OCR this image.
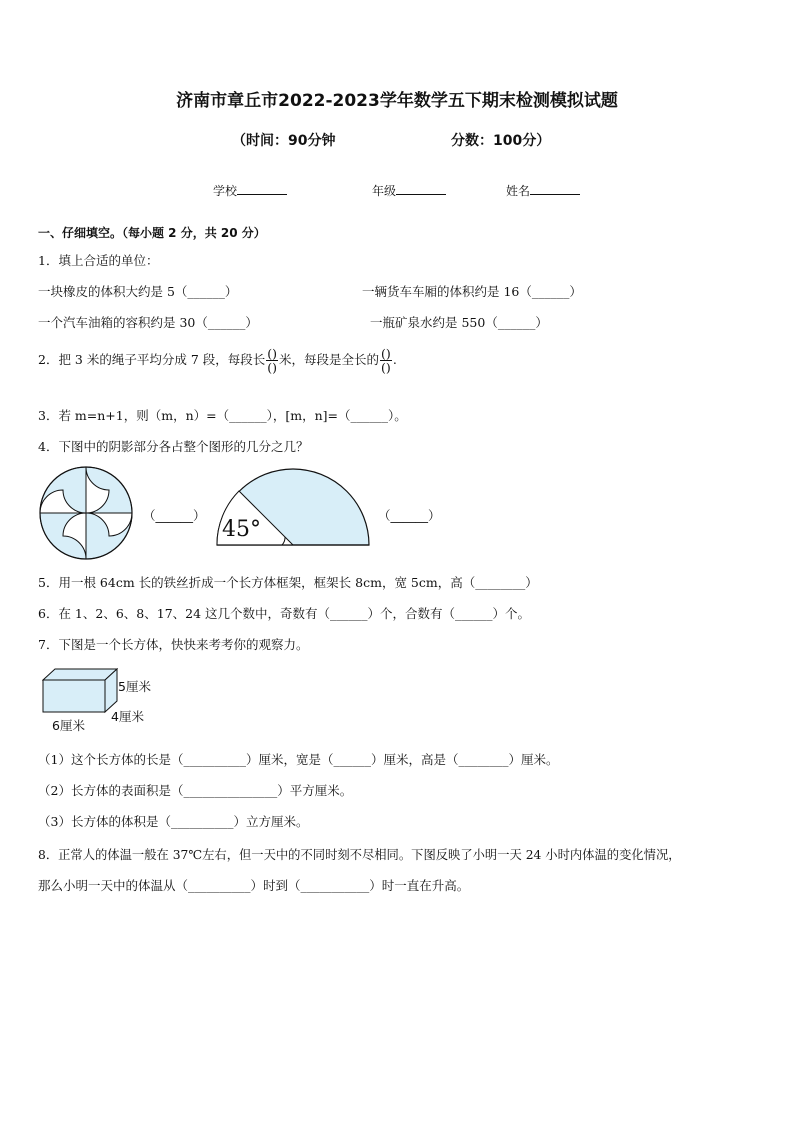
济南市章丘市2022-2023学年数学五下期末检测模拟试题
（时间：90分钟	分数：100分）
学校	年级	姓名
一、仔细填空。（每小题 2 分，共 20 分）
1．填上合适的单位：
一块橡皮的体积大约是 5（______）	一辆货车车厢的体积约是 16（______）
一个汽车油箱的容积约是 30（______）	一瓶矿泉水约是 550（______）
2．把 3 米的绳子平均分成 7 段，每段长 $\frac{()}{()}$ 米，每段是全长的 $\frac{()}{()}$ .
3．若 m=n+1，则（m，n）=（______），[m，n]=（______）。
4．下图中的阴影部分各占整个图形的几分之几？
（______）
45°
（______）
5．用一根 64cm 长的铁丝折成一个长方体框架，框架长 8cm，宽 5cm，高（________）
6．在 1、2、6、8、17、24 这几个数中，奇数有（______）个，合数有（______）个。
7．下图是一个长方体，快快来考考你的观察力。
5厘米
4厘米
6厘米
（1）这个长方体的长是（__________）厘米，宽是（______）厘米，高是（________）厘米。
（2）长方体的表面积是（_______________）平方厘米。
（3）长方体的体积是（__________）立方厘米。
8．正常人的体温一般在 37℃左右，但一天中的不同时刻不尽相同。下图反映了小明一天 24 小时内体温的变化情况，
那么小明一天中的体温从（__________）时到（___________）时一直在升高。
